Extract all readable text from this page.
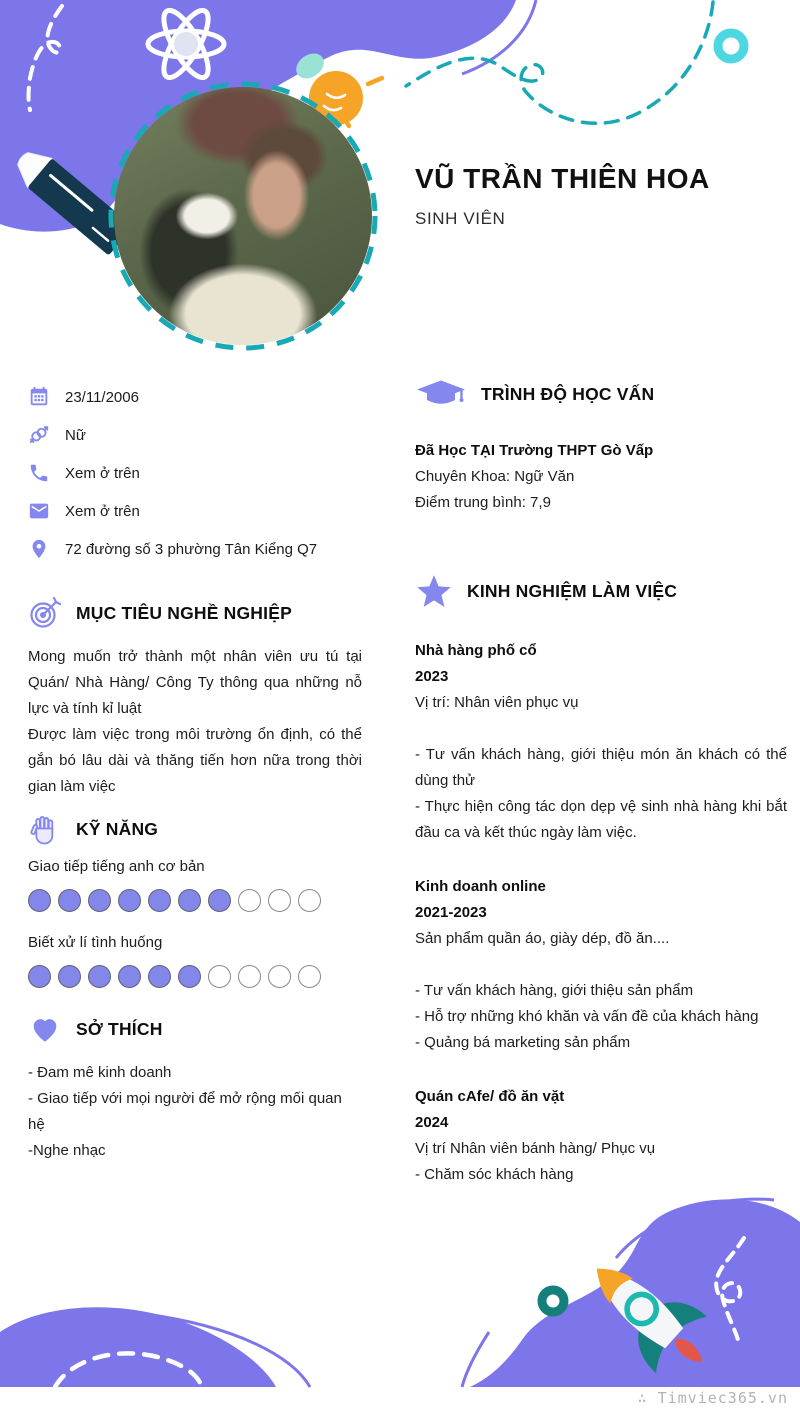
VŨ TRẦN THIÊN HOA
SINH VIÊN
23/11/2006
Nữ
Xem ở trên
Xem ở trên
72 đường số 3 phường Tân Kiểng Q7
MỤC TIÊU NGHỀ NGHIỆP

Mong muốn trở thành một nhân viên ưu tú tại Quán/ Nhà Hàng/ Công Ty thông qua những nỗ lực và tính kỉ luật

Được làm việc trong môi trường ổn định, có thể gắn bó lâu dài và thăng tiến hơn nữa trong thời gian làm việc

KỸ NĂNG
Giao tiếp tiếng anh cơ bản
Biết xử lí tình huống
SỞ THÍCH

- Đam mê kinh doanh

- Giao tiếp với mọi người để mở rộng mối quan hệ

-Nghe nhạc

TRÌNH ĐỘ HỌC VẤN

Đã Học TẠI Trường THPT Gò Vấp

Chuyên Khoa: Ngữ Văn

Điểm trung bình: 7,9

KINH NGHIỆM LÀM VIỆC

Nhà hàng phố cổ

2023

Vị trí: Nhân viên phục vụ

- Tư vấn khách hàng, giới thiệu món ăn khách có thể dùng thử

- Thực hiện công tác dọn dẹp vệ sinh nhà hàng khi bắt đầu ca và kết thúc ngày làm việc.

Kinh doanh online

2021-2023

Sản phẩm quần áo, giày dép, đồ ăn....

- Tư vấn khách hàng, giới thiệu sản phẩm

- Hỗ trợ những khó khăn và vấn đề của khách hàng

- Quảng bá marketing sản phẩm

Quán cAfe/ đồ ăn vặt

2024

Vị trí Nhân viên bánh hàng/ Phục vụ

- Chăm sóc khách hàng

∴ Timviec365.vn
